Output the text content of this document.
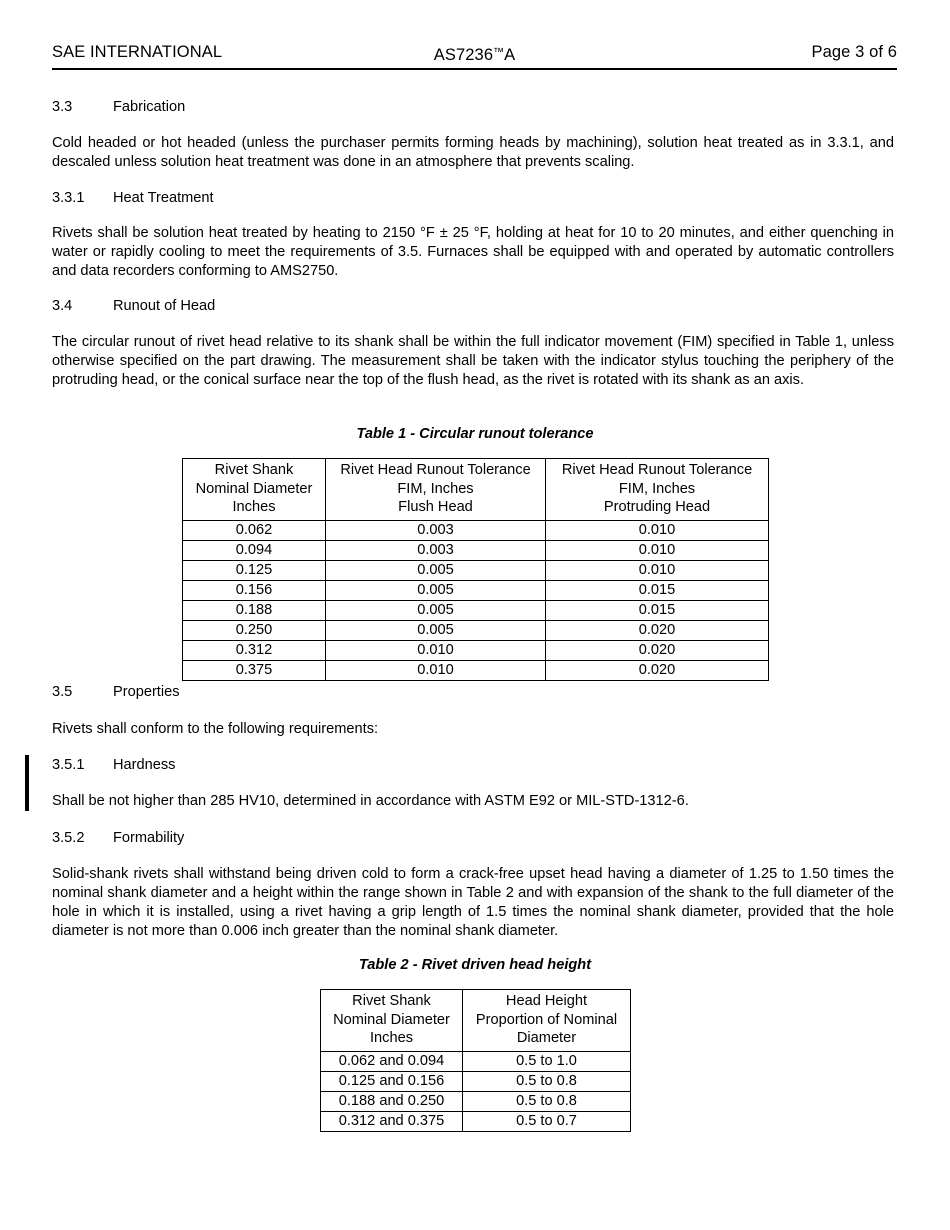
SAE INTERNATIONAL	AS7236™A	Page 3 of 6
3.3	Fabrication
Cold headed or hot headed (unless the purchaser permits forming heads by machining), solution heat treated as in 3.3.1, and descaled unless solution heat treatment was done in an atmosphere that prevents scaling.
3.3.1	Heat Treatment
Rivets shall be solution heat treated by heating to 2150 °F ± 25 °F, holding at heat for 10 to 20 minutes, and either quenching in water or rapidly cooling to meet the requirements of 3.5. Furnaces shall be equipped with and operated by automatic controllers and data recorders conforming to AMS2750.
3.4	Runout of Head
The circular runout of rivet head relative to its shank shall be within the full indicator movement (FIM) specified in Table 1, unless otherwise specified on the part drawing. The measurement shall be taken with the indicator stylus touching the periphery of the protruding head, or the conical surface near the top of the flush head, as the rivet is rotated with its shank as an axis.
Table 1 - Circular runout tolerance
Rivet Shank
Nominal Diameter
Inches

Rivet Head Runout Tolerance
FIM, Inches
Flush Head

Rivet Head Runout Tolerance
FIM, Inches
Protruding Head

0.062	0.003	0.010
0.094	0.003	0.010
0.125	0.005	0.010
0.156	0.005	0.015
0.188	0.005	0.015
0.250	0.005	0.020
0.312	0.010	0.020
0.375	0.010	0.020
3.5	Properties
Rivets shall conform to the following requirements:
3.5.1	Hardness
Shall be not higher than 285 HV10, determined in accordance with ASTM E92 or MIL-STD-1312-6.
3.5.2	Formability
Solid-shank rivets shall withstand being driven cold to form a crack-free upset head having a diameter of 1.25 to 1.50 times the nominal shank diameter and a height within the range shown in Table 2 and with expansion of the shank to the full diameter of the hole in which it is installed, using a rivet having a grip length of 1.5 times the nominal shank diameter, provided that the hole diameter is not more than 0.006 inch greater than the nominal shank diameter.
Table 2 - Rivet driven head height
Rivet Shank
Nominal Diameter
Inches

Head Height
Proportion of Nominal
Diameter

0.062 and 0.094	0.5 to 1.0
0.125 and 0.156	0.5 to 0.8
0.188 and 0.250	0.5 to 0.8
0.312 and 0.375	0.5 to 0.7
